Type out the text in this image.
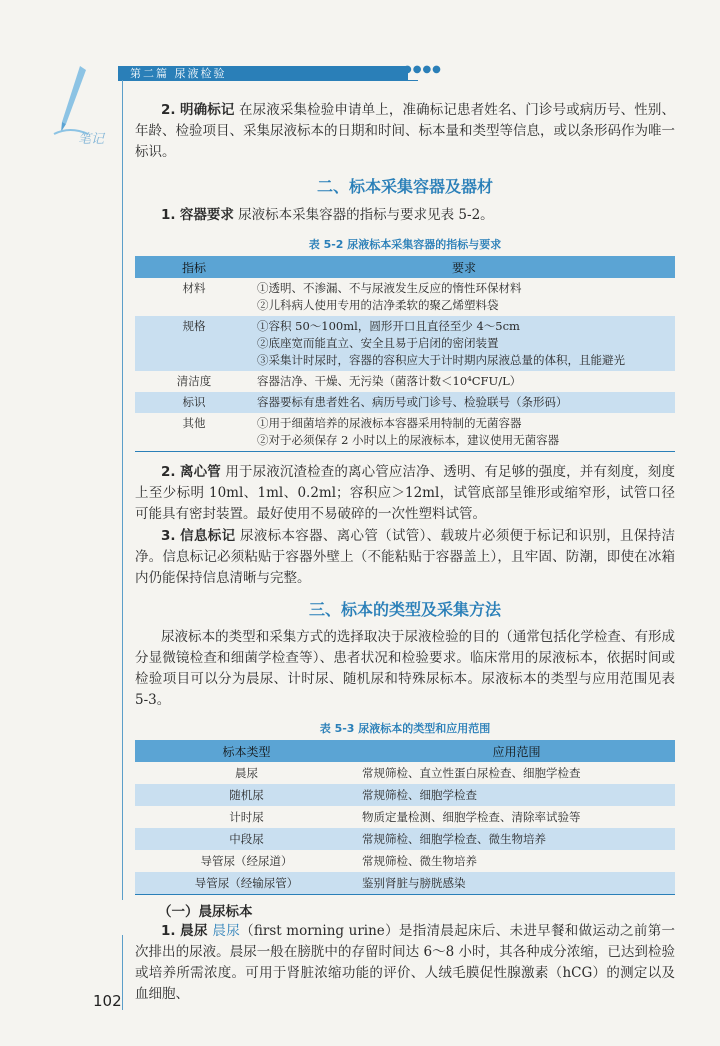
笔记
第二篇 尿液检验	●●●●

2. 明确标记 在尿液采集检验申请单上，准确标记患者姓名、门诊号或病历号、性别、年龄、检验项目、采集尿液标本的日期和时间、标本量和类型等信息，或以条形码作为唯一标识。

二、标本采集容器及器材

1. 容器要求 尿液标本采集容器的指标与要求见表 5-2。

表 5-2 尿液标本采集容器的指标与要求
指标	要求
材料	①透明、不渗漏、不与尿液发生反应的惰性环保材料
②儿科病人使用专用的洁净柔软的聚乙烯塑料袋

规格	①容积 50～100ml，圆形开口且直径至少 4～5cm
②底座宽而能直立、安全且易于启闭的密闭装置
③采集计时尿时，容器的容积应大于计时期内尿液总量的体积，且能避光

清洁度	容器洁净、干燥、无污染（菌落计数＜10⁴CFU/L）

标识	容器要标有患者姓名、病历号或门诊号、检验联号（条形码）

其他	①用于细菌培养的尿液标本容器采用特制的无菌容器
②对于必须保存 2 小时以上的尿液标本，建议使用无菌容器

2. 离心管 用于尿液沉渣检查的离心管应洁净、透明、有足够的强度，并有刻度，刻度上至少标明 10ml、1ml、0.2ml；容积应＞12ml，试管底部呈锥形或缩窄形，试管口径可能具有密封装置。最好使用不易破碎的一次性塑料试管。

3. 信息标记 尿液标本容器、离心管（试管）、载玻片必须便于标记和识别，且保持洁净。信息标记必须粘贴于容器外壁上（不能粘贴于容器盖上），且牢固、防潮，即使在冰箱内仍能保持信息清晰与完整。

三、标本的类型及采集方法

尿液标本的类型和采集方式的选择取决于尿液检验的目的（通常包括化学检查、有形成分显微镜检查和细菌学检查等）、患者状况和检验要求。临床常用的尿液标本，依据时间或检验项目可以分为晨尿、计时尿、随机尿和特殊尿标本。尿液标本的类型与应用范围见表 5-3。

表 5-3 尿液标本的类型和应用范围
标本类型	应用范围
晨尿	常规筛检、直立性蛋白尿检查、细胞学检查
随机尿	常规筛检、细胞学检查
计时尿	物质定量检测、细胞学检查、清除率试验等
中段尿	常规筛检、细胞学检查、微生物培养
导管尿（经尿道）	常规筛检、微生物培养
导管尿（经输尿管）	鉴别肾脏与膀胱感染
（一）晨尿标本

1. 晨尿 晨尿（first morning urine）是指清晨起床后、未进早餐和做运动之前第一次排出的尿液。晨尿一般在膀胱中的存留时间达 6～8 小时，其各种成分浓缩，已达到检验或培养所需浓度。可用于肾脏浓缩功能的评价、人绒毛膜促性腺激素（hCG）的测定以及血细胞、

102
